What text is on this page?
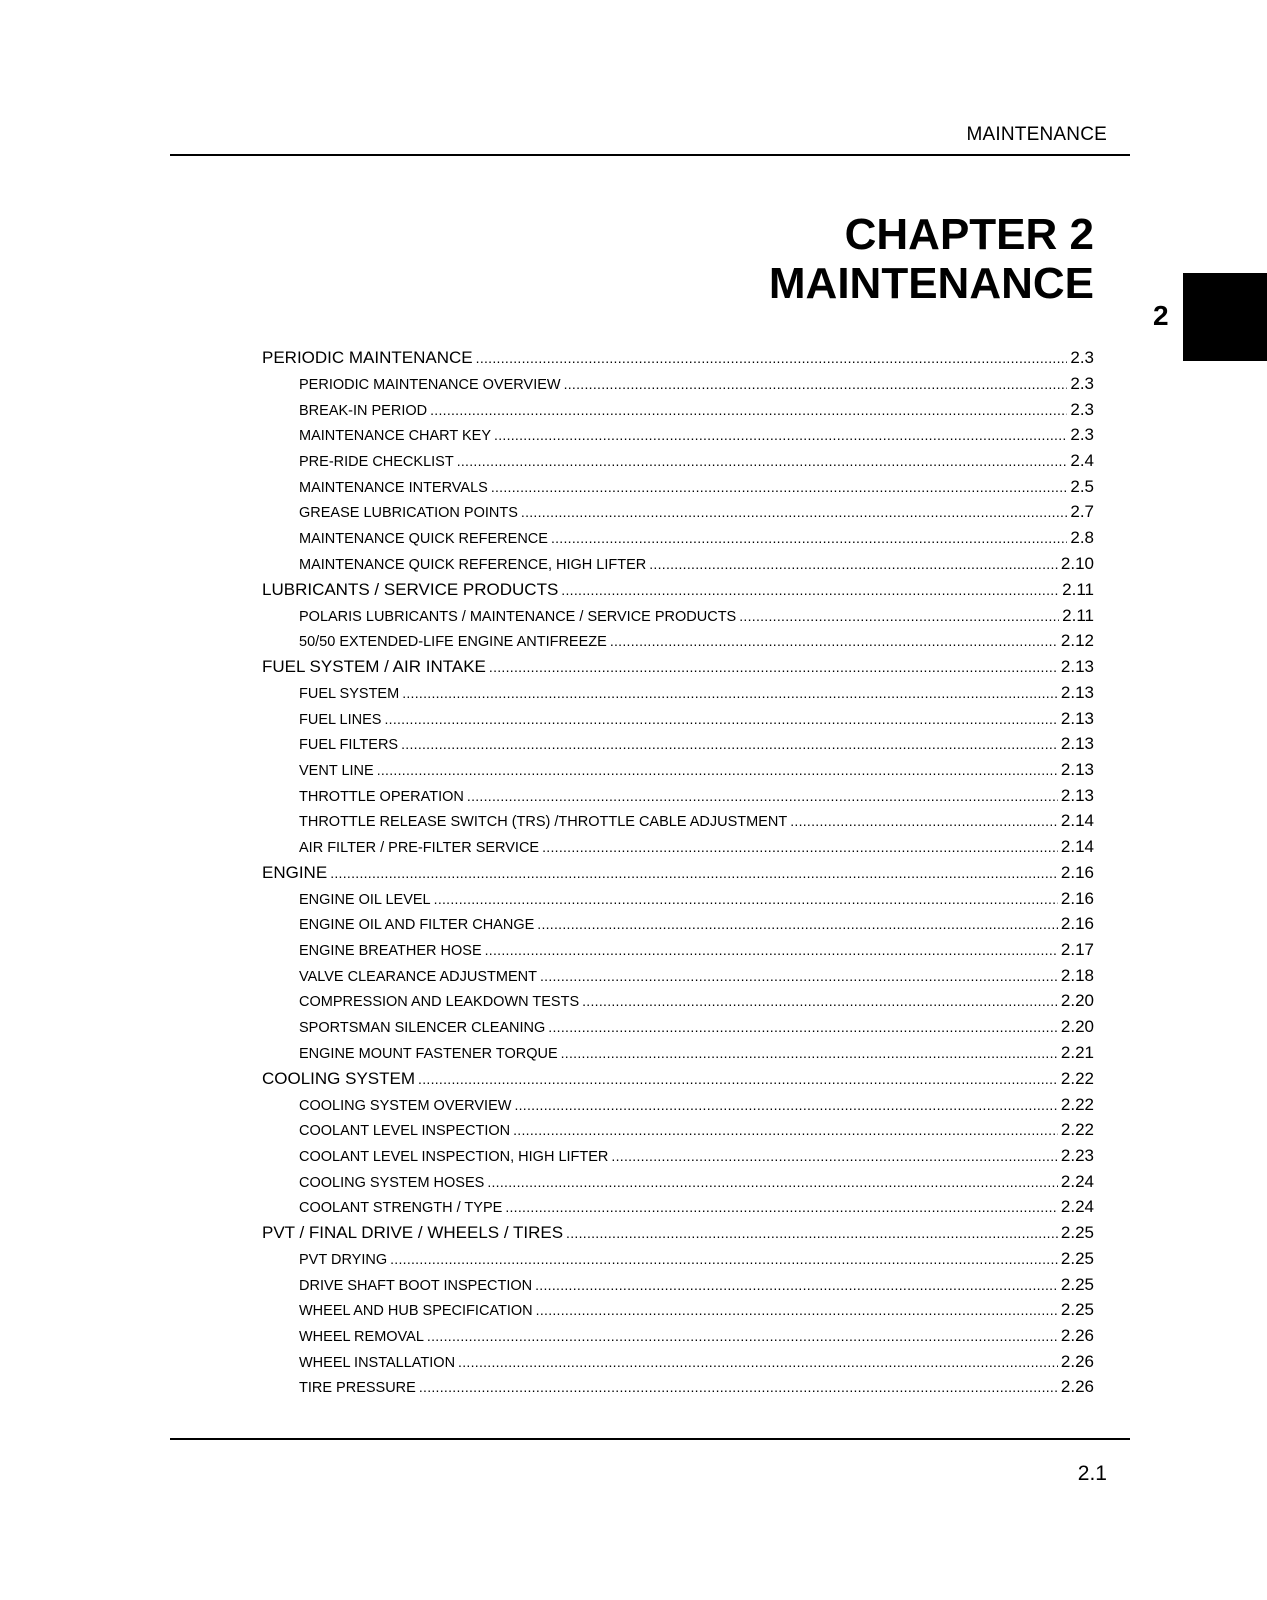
MAINTENANCE
CHAPTER 2
MAINTENANCE
2
PERIODIC MAINTENANCE . . .	2.3
PERIODIC MAINTENANCE OVERVIEW . . .	2.3
BREAK-IN PERIOD . . .	2.3
MAINTENANCE CHART KEY . . .	2.3
PRE-RIDE CHECKLIST . . .	2.4
MAINTENANCE INTERVALS . . .	2.5
GREASE LUBRICATION POINTS . . .	2.7
MAINTENANCE QUICK REFERENCE . . .	2.8
MAINTENANCE QUICK REFERENCE, HIGH LIFTER . . .	2.10
LUBRICANTS / SERVICE PRODUCTS . . .	2.11
POLARIS LUBRICANTS / MAINTENANCE / SERVICE PRODUCTS . . .	2.11
50/50 EXTENDED-LIFE ENGINE ANTIFREEZE . . .	2.12
FUEL SYSTEM / AIR INTAKE . . .	2.13
FUEL SYSTEM . . .	2.13
FUEL LINES . . .	2.13
FUEL FILTERS . . .	2.13
VENT LINE . . .	2.13
THROTTLE OPERATION . . .	2.13
THROTTLE RELEASE SWITCH (TRS) /THROTTLE CABLE ADJUSTMENT . . .	2.14
AIR FILTER / PRE-FILTER SERVICE . . .	2.14
ENGINE . . .	2.16
ENGINE OIL LEVEL . . .	2.16
ENGINE OIL AND FILTER CHANGE . . .	2.16
ENGINE BREATHER HOSE . . .	2.17
VALVE CLEARANCE ADJUSTMENT . . .	2.18
COMPRESSION AND LEAKDOWN TESTS . . .	2.20
SPORTSMAN SILENCER CLEANING . . .	2.20
ENGINE MOUNT FASTENER TORQUE . . .	2.21
COOLING SYSTEM . . .	2.22
COOLING SYSTEM OVERVIEW . . .	2.22
COOLANT LEVEL INSPECTION . . .	2.22
COOLANT LEVEL INSPECTION, HIGH LIFTER . . .	2.23
COOLING SYSTEM HOSES . . .	2.24
COOLANT STRENGTH / TYPE . . .	2.24
PVT / FINAL DRIVE / WHEELS / TIRES . . .	2.25
PVT DRYING . . .	2.25
DRIVE SHAFT BOOT INSPECTION . . .	2.25
WHEEL AND HUB SPECIFICATION . . .	2.25
WHEEL REMOVAL . . .	2.26
WHEEL INSTALLATION . . .	2.26
TIRE PRESSURE . . .	2.26
2.1
